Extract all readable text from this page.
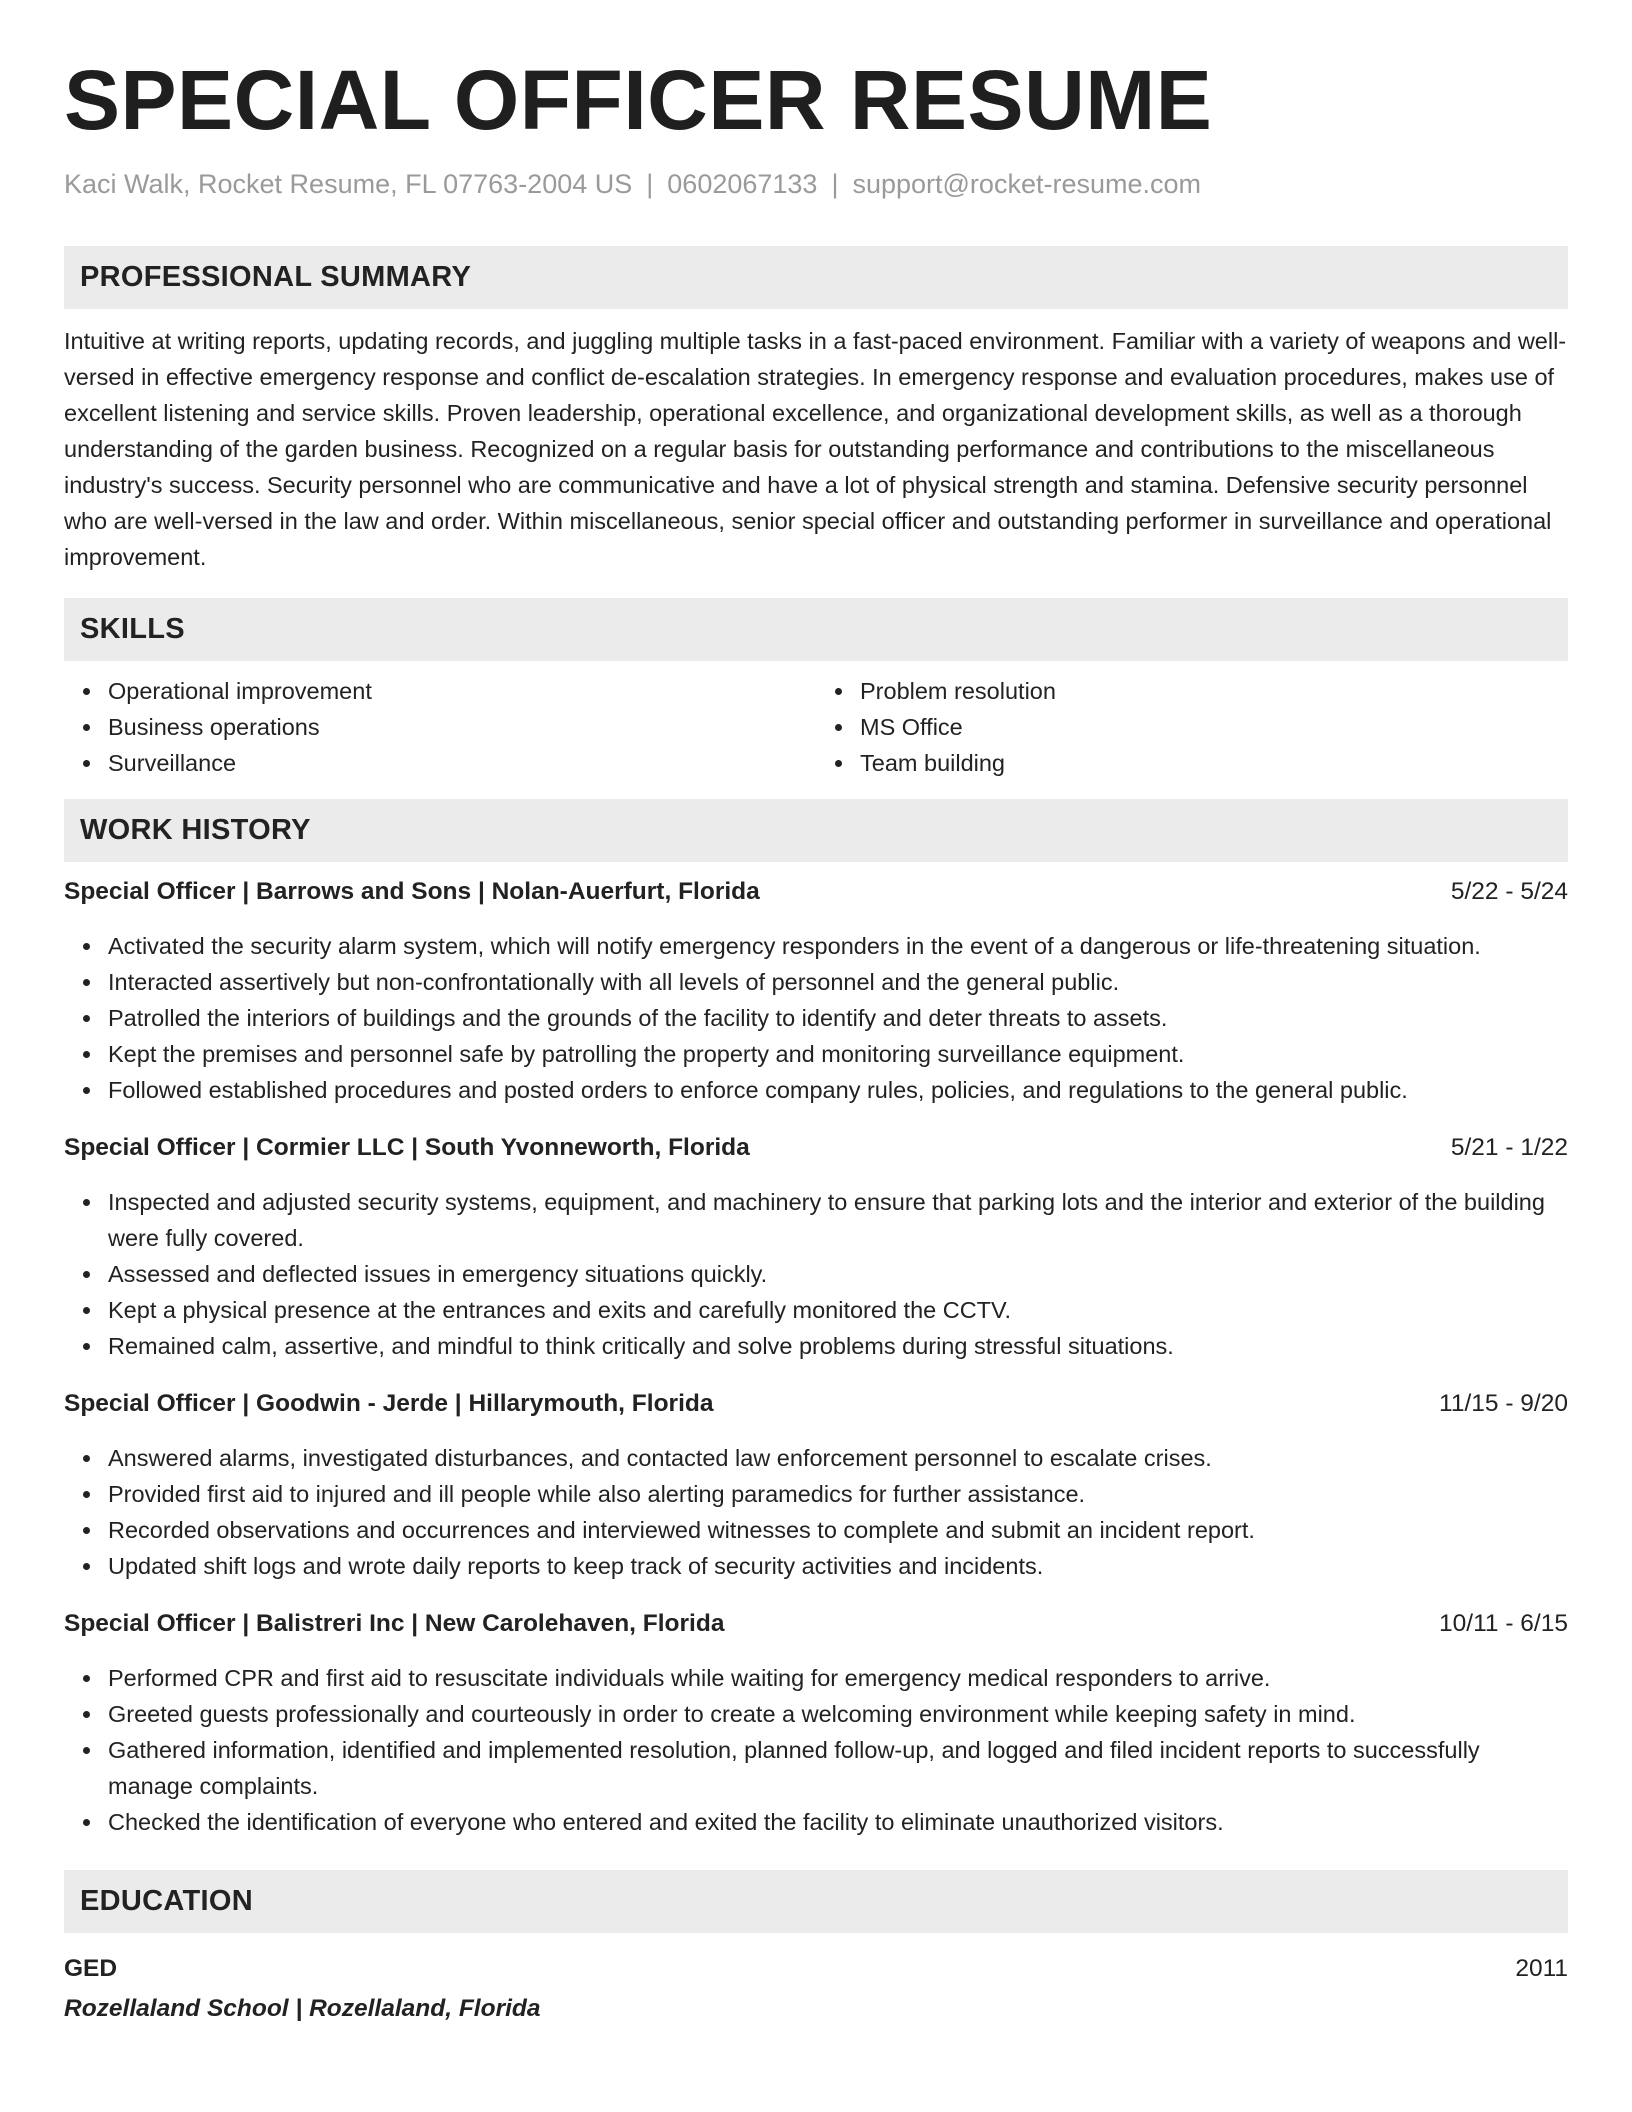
SPECIAL OFFICER RESUME
Kaci Walk, Rocket Resume, FL 07763-2004 US | 0602067133 | support@rocket-resume.com
PROFESSIONAL SUMMARY
Intuitive at writing reports, updating records, and juggling multiple tasks in a fast-paced environment. Familiar with a variety of weapons and well-versed in effective emergency response and conflict de-escalation strategies. In emergency response and evaluation procedures, makes use of excellent listening and service skills. Proven leadership, operational excellence, and organizational development skills, as well as a thorough understanding of the garden business. Recognized on a regular basis for outstanding performance and contributions to the miscellaneous industry's success. Security personnel who are communicative and have a lot of physical strength and stamina. Defensive security personnel who are well-versed in the law and order. Within miscellaneous, senior special officer and outstanding performer in surveillance and operational improvement.
SKILLS
Operational improvement
Business operations
Surveillance
Problem resolution
MS Office
Team building
WORK HISTORY
Special Officer | Barrows and Sons | Nolan-Auerfurt, Florida	5/22 - 5/24
Activated the security alarm system, which will notify emergency responders in the event of a dangerous or life-threatening situation.
Interacted assertively but non-confrontationally with all levels of personnel and the general public.
Patrolled the interiors of buildings and the grounds of the facility to identify and deter threats to assets.
Kept the premises and personnel safe by patrolling the property and monitoring surveillance equipment.
Followed established procedures and posted orders to enforce company rules, policies, and regulations to the general public.
Special Officer | Cormier LLC | South Yvonneworth, Florida	5/21 - 1/22
Inspected and adjusted security systems, equipment, and machinery to ensure that parking lots and the interior and exterior of the building were fully covered.
Assessed and deflected issues in emergency situations quickly.
Kept a physical presence at the entrances and exits and carefully monitored the CCTV.
Remained calm, assertive, and mindful to think critically and solve problems during stressful situations.
Special Officer | Goodwin - Jerde | Hillarymouth, Florida	11/15 - 9/20
Answered alarms, investigated disturbances, and contacted law enforcement personnel to escalate crises.
Provided first aid to injured and ill people while also alerting paramedics for further assistance.
Recorded observations and occurrences and interviewed witnesses to complete and submit an incident report.
Updated shift logs and wrote daily reports to keep track of security activities and incidents.
Special Officer | Balistreri Inc | New Carolehaven, Florida	10/11 - 6/15
Performed CPR and first aid to resuscitate individuals while waiting for emergency medical responders to arrive.
Greeted guests professionally and courteously in order to create a welcoming environment while keeping safety in mind.
Gathered information, identified and implemented resolution, planned follow-up, and logged and filed incident reports to successfully manage complaints.
Checked the identification of everyone who entered and exited the facility to eliminate unauthorized visitors.
EDUCATION
GED	2011
Rozellaland School | Rozellaland, Florida
